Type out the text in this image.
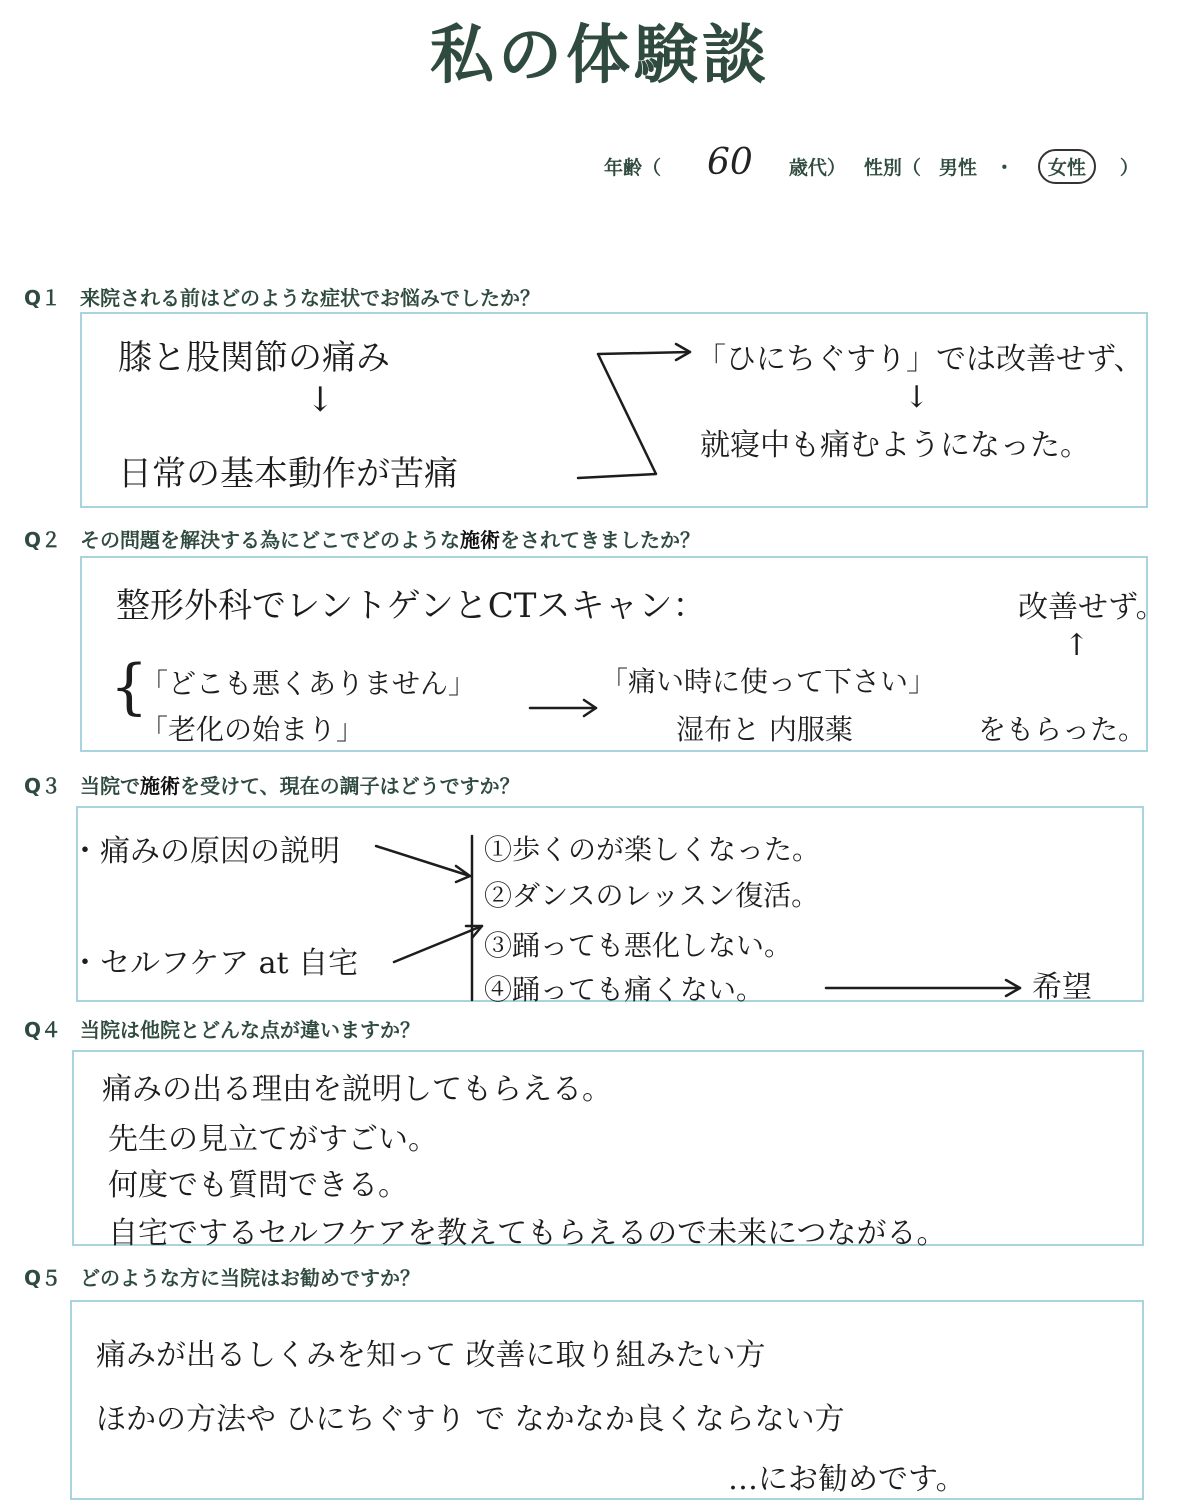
私の体験談
年齢（ 60 歳代） 性別（ 男性 ・	女性	）
Q１ 来院される前はどのような症状でお悩みでしたか？
膝と股関節の痛み
↓
日常の基本動作が苦痛
「ひにちぐすり」では改善せず、
↓
就寝中も痛むようになった。
Q２ その問題を解決する為にどこでどのような施術をされてきましたか？
整形外科でレントゲンとCTスキャン：
{
「どこも悪くありません」
「老化の始まり」
「痛い時に使って下さい」
湿布と 内服薬	をもらった。
改善せず。
↑
Q３ 当院で施術を受けて、現在の調子はどうですか？
・痛みの原因の説明
・セルフケア at 自宅
①歩くのが楽しくなった。
②ダンスのレッスン復活。
③踊っても悪化しない。
④踊っても痛くない。	希望
Q４ 当院は他院とどんな点が違いますか？
痛みの出る理由を説明してもらえる。
先生の見立てがすごい。
何度でも質問できる。
自宅でするセルフケアを教えてもらえるので未来につながる。
Q５ どのような方に当院はお勧めですか？
痛みが出るしくみを知って 改善に取り組みたい方
ほかの方法や ひにちぐすり で なかなか良くならない方
…にお勧めです。
